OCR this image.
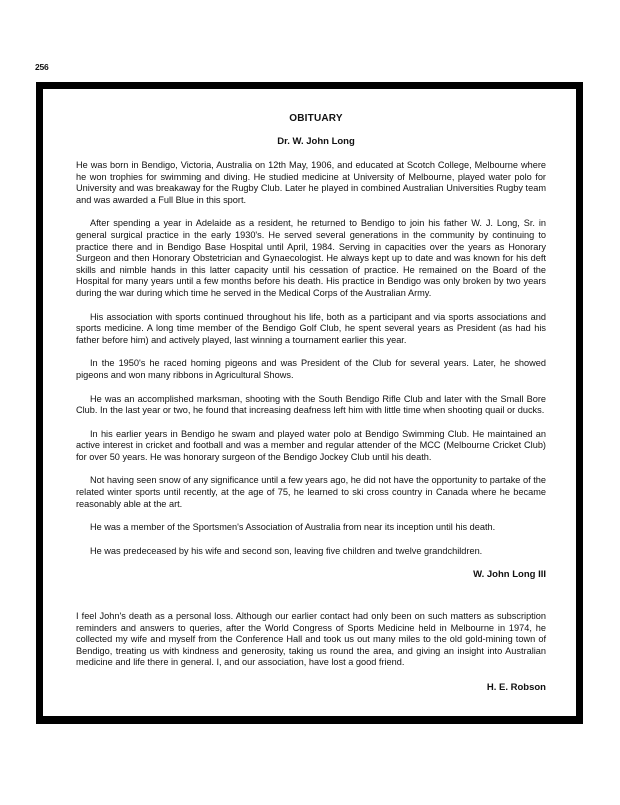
256
OBITUARY
Dr. W. John Long

He was born in Bendigo, Victoria, Australia on 12th May, 1906, and educated at Scotch College, Melbourne where he won trophies for swimming and diving. He studied medicine at University of Melbourne, played water polo for University and was breakaway for the Rugby Club. Later he played in combined Australian Universities Rugby team and was awarded a Full Blue in this sport.

After spending a year in Adelaide as a resident, he returned to Bendigo to join his father W. J. Long, Sr. in general surgical practice in the early 1930's. He served several generations in the community by continuing to practice there and in Bendigo Base Hospital until April, 1984. Serving in capacities over the years as Honorary Surgeon and then Honorary Obstetrician and Gynaecologist. He always kept up to date and was known for his deft skills and nimble hands in this latter capacity until his cessation of practice. He remained on the Board of the Hospital for many years until a few months before his death. His practice in Bendigo was only broken by two years during the war during which time he served in the Medical Corps of the Australian Army.

His association with sports continued throughout his life, both as a participant and via sports associations and sports medicine. A long time member of the Bendigo Golf Club, he spent several years as President (as had his father before him) and actively played, last winning a tournament earlier this year.

In the 1950's he raced homing pigeons and was President of the Club for several years. Later, he showed pigeons and won many ribbons in Agricultural Shows.

He was an accomplished marksman, shooting with the South Bendigo Rifle Club and later with the Small Bore Club. In the last year or two, he found that increasing deafness left him with little time when shooting quail or ducks.

In his earlier years in Bendigo he swam and played water polo at Bendigo Swimming Club. He maintained an active interest in cricket and football and was a member and regular attender of the MCC (Melbourne Cricket Club) for over 50 years. He was honorary surgeon of the Bendigo Jockey Club until his death.

Not having seen snow of any significance until a few years ago, he did not have the opportunity to partake of the related winter sports until recently, at the age of 75, he learned to ski cross country in Canada where he became reasonably able at the art.

He was a member of the Sportsmen's Association of Australia from near its inception until his death.

He was predeceased by his wife and second son, leaving five children and twelve grandchildren.

W. John Long III

I feel John's death as a personal loss. Although our earlier contact had only been on such matters as subscription reminders and answers to queries, after the World Congress of Sports Medicine held in Melbourne in 1974, he collected my wife and myself from the Conference Hall and took us out many miles to the old gold-mining town of Bendigo, treating us with kindness and generosity, taking us round the area, and giving an insight into Australian medicine and life there in general. I, and our association, have lost a good friend.

H. E. Robson
